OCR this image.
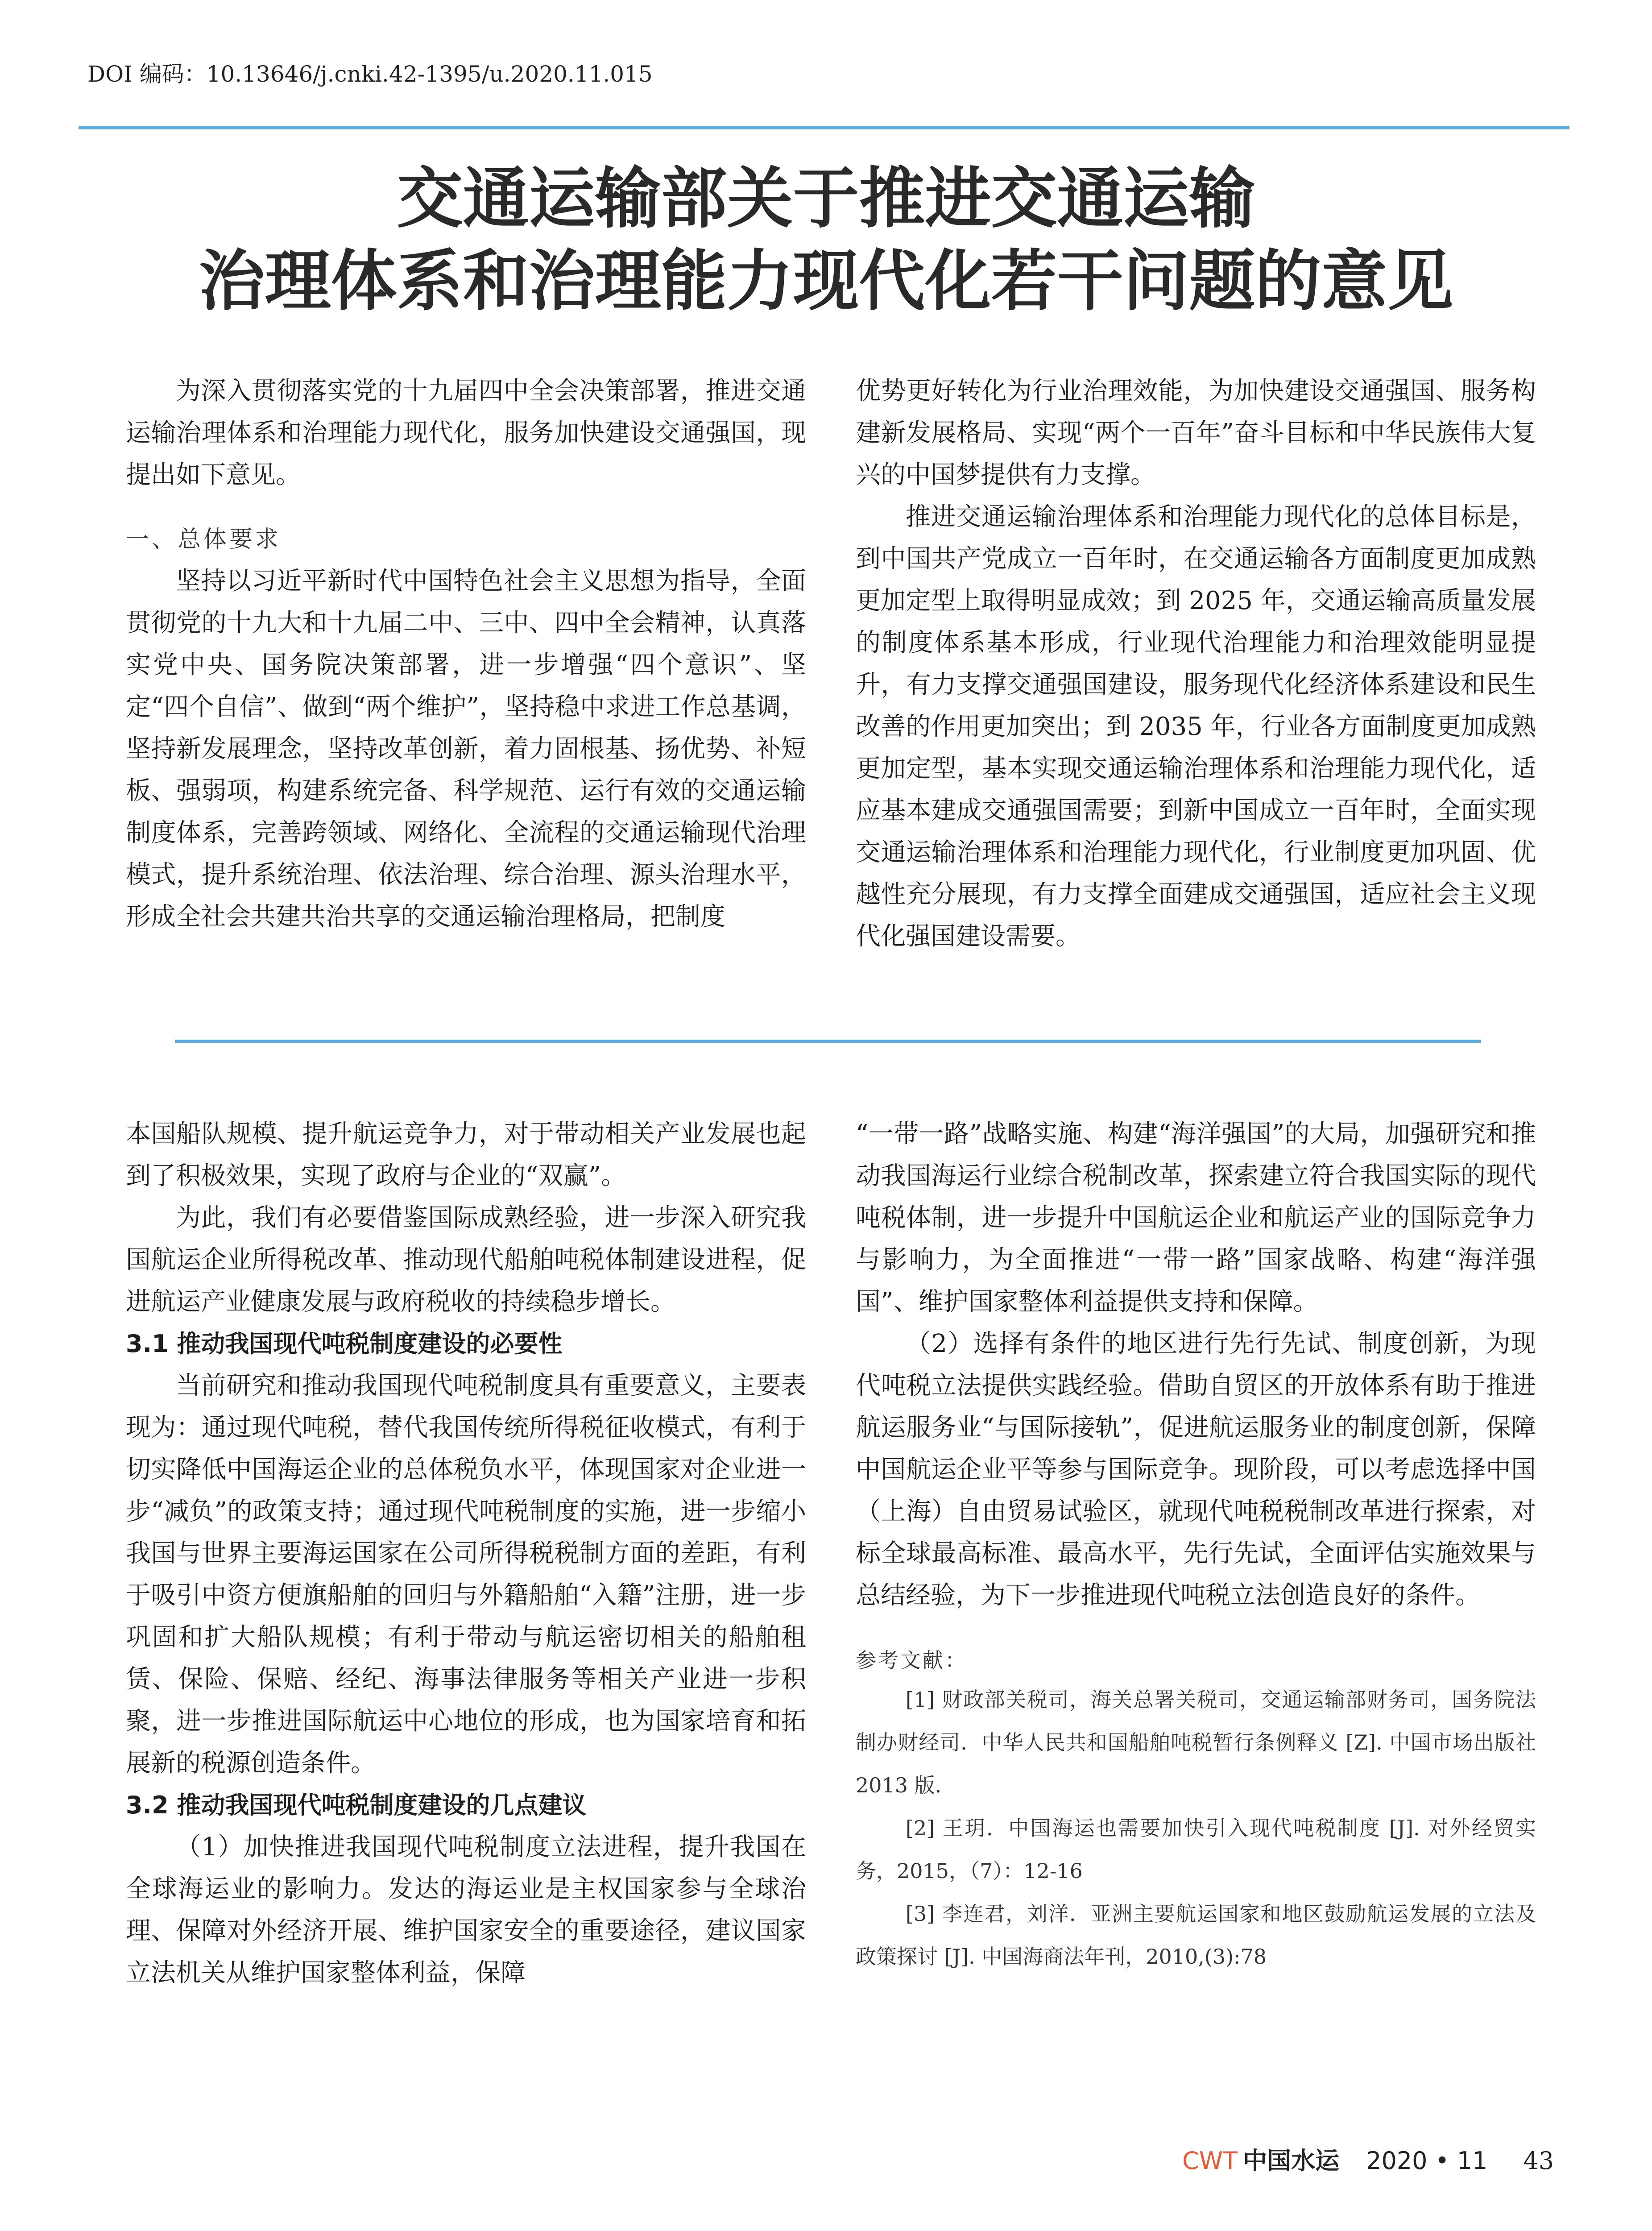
DOI 编码：10.13646/j.cnki.42-1395/u.2020.11.015
交通运输部关于推进交通运输
治理体系和治理能力现代化若干问题的意见

为深入贯彻落实党的十九届四中全会决策部署，推进交通运输治理体系和治理能力现代化，服务加快建设交通强国，现提出如下意见。

一、总体要求

坚持以习近平新时代中国特色社会主义思想为指导，全面贯彻党的十九大和十九届二中、三中、四中全会精神，认真落实党中央、国务院决策部署，进一步增强“四个意识”、坚定“四个自信”、做到“两个维护”，坚持稳中求进工作总基调，坚持新发展理念，坚持改革创新，着力固根基、扬优势、补短板、强弱项，构建系统完备、科学规范、运行有效的交通运输制度体系，完善跨领域、网络化、全流程的交通运输现代治理模式，提升系统治理、依法治理、综合治理、源头治理水平，形成全社会共建共治共享的交通运输治理格局，把制度

优势更好转化为行业治理效能，为加快建设交通强国、服务构建新发展格局、实现“两个一百年”奋斗目标和中华民族伟大复兴的中国梦提供有力支撑。

推进交通运输治理体系和治理能力现代化的总体目标是，到中国共产党成立一百年时，在交通运输各方面制度更加成熟更加定型上取得明显成效；到 2025 年，交通运输高质量发展的制度体系基本形成，行业现代治理能力和治理效能明显提升，有力支撑交通强国建设，服务现代化经济体系建设和民生改善的作用更加突出；到 2035 年，行业各方面制度更加成熟更加定型，基本实现交通运输治理体系和治理能力现代化，适应基本建成交通强国需要；到新中国成立一百年时，全面实现交通运输治理体系和治理能力现代化，行业制度更加巩固、优越性充分展现，有力支撑全面建成交通强国，适应社会主义现代化强国建设需要。

本国船队规模、提升航运竞争力，对于带动相关产业发展也起到了积极效果，实现了政府与企业的“双赢”。

为此，我们有必要借鉴国际成熟经验，进一步深入研究我国航运企业所得税改革、推动现代船舶吨税体制建设进程，促进航运产业健康发展与政府税收的持续稳步增长。

3.1 推动我国现代吨税制度建设的必要性

当前研究和推动我国现代吨税制度具有重要意义，主要表现为：通过现代吨税，替代我国传统所得税征收模式，有利于切实降低中国海运企业的总体税负水平，体现国家对企业进一步“减负”的政策支持；通过现代吨税制度的实施，进一步缩小我国与世界主要海运国家在公司所得税税制方面的差距，有利于吸引中资方便旗船舶的回归与外籍船舶“入籍”注册，进一步巩固和扩大船队规模；有利于带动与航运密切相关的船舶租赁、保险、保赔、经纪、海事法律服务等相关产业进一步积聚，进一步推进国际航运中心地位的形成，也为国家培育和拓展新的税源创造条件。

3.2 推动我国现代吨税制度建设的几点建议

（1）加快推进我国现代吨税制度立法进程，提升我国在全球海运业的影响力。发达的海运业是主权国家参与全球治理、保障对外经济开展、维护国家安全的重要途径，建议国家立法机关从维护国家整体利益，保障

“一带一路”战略实施、构建“海洋强国”的大局，加强研究和推动我国海运行业综合税制改革，探索建立符合我国实际的现代吨税体制，进一步提升中国航运企业和航运产业的国际竞争力与影响力，为全面推进“一带一路”国家战略、构建“海洋强国”、维护国家整体利益提供支持和保障。

（2）选择有条件的地区进行先行先试、制度创新，为现代吨税立法提供实践经验。借助自贸区的开放体系有助于推进航运服务业“与国际接轨”，促进航运服务业的制度创新，保障中国航运企业平等参与国际竞争。现阶段，可以考虑选择中国（上海）自由贸易试验区，就现代吨税税制改革进行探索，对标全球最高标准、最高水平，先行先试，全面评估实施效果与总结经验，为下一步推进现代吨税立法创造良好的条件。

参考文献：

[1] 财政部关税司，海关总署关税司，交通运输部财务司，国务院法制办财经司．中华人民共和国船舶吨税暂行条例释义 [Z]. 中国市场出版社 2013 版．

[2] 王玥．中国海运也需要加快引入现代吨税制度 [J]. 对外经贸实务，2015，（7）：12-16

[3] 李连君，刘洋．亚洲主要航运国家和地区鼓励航运发展的立法及政策探讨 [J]. 中国海商法年刊，2010,(3):78

CWT 中国水运 2020 • 11 43
